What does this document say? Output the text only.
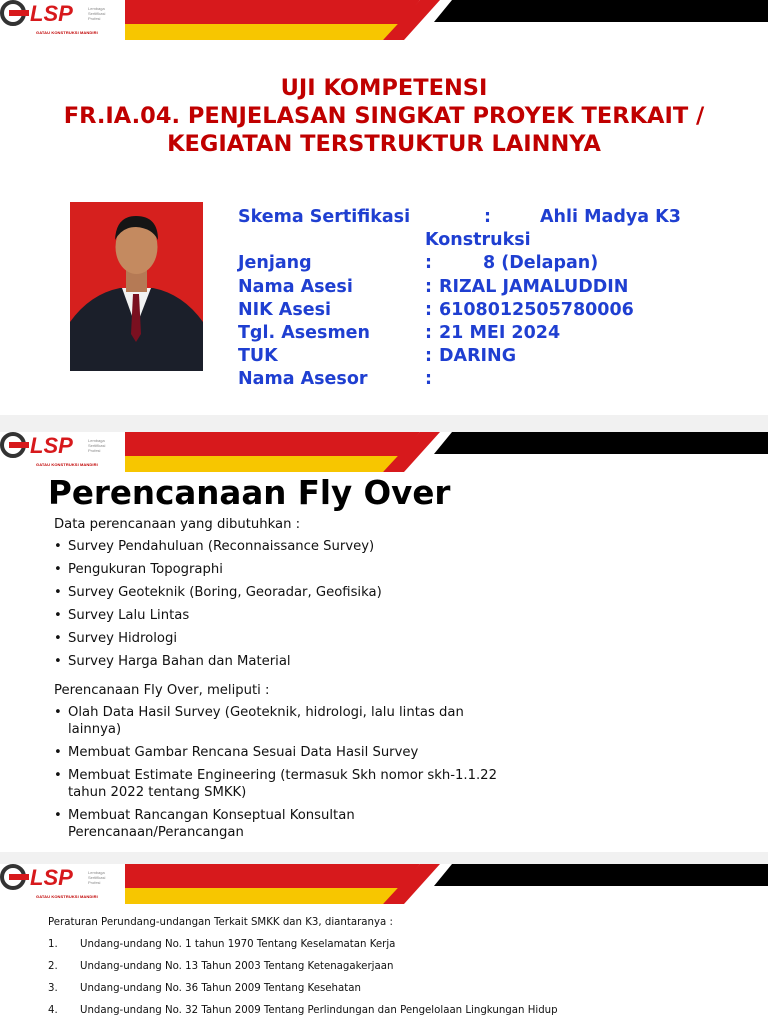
LSP	Lembaga
Sertifikasi
Profesi
GATAU KONSTRUKSI MANDIRI
UJI KOMPETENSI
FR.IA.04. PENJELASAN SINGKAT PROYEK TERKAIT /
KEGIATAN TERSTRUKTUR LAINNYA
Skema Sertifikasi	:	Ahli Madya K3
Konstruksi
Jenjang	:	8 (Delapan)
Nama Asesi	: RIZAL JAMALUDDIN
NIK Asesi	: 6108012505780006
Tgl. Asesmen	: 21 MEI 2024
TUK	: DARING
Nama Asesor	:
LSP	Lembaga
Sertifikasi
Profesi
GATAU KONSTRUKSI MANDIRI
Perencanaan Fly Over
Data perencanaan yang dibutuhkan :
• Survey Pendahuluan (Reconnaissance Survey)
• Pengukuran Topographi
• Survey Geoteknik (Boring, Georadar, Geofisika)
• Survey Lalu Lintas
• Survey Hidrologi
• Survey Harga Bahan dan Material
Perencanaan Fly Over, meliputi :
• Olah Data Hasil Survey (Geoteknik, hidrologi, lalu lintas dan lainnya)
• Membuat Gambar Rencana Sesuai Data Hasil Survey
• Membuat Estimate Engineering (termasuk Skh nomor skh-1.1.22 tahun 2022 tentang SMKK)
• Membuat Rancangan Konseptual Konsultan Perencanaan/Perancangan
LSP	Lembaga
Sertifikasi
Profesi
GATAU KONSTRUKSI MANDIRI
Peraturan Perundang-undangan Terkait SMKK dan K3, diantaranya :
1. Undang-undang No. 1 tahun 1970 Tentang Keselamatan Kerja
2. Undang-undang No. 13 Tahun 2003 Tentang Ketenagakerjaan
3. Undang-undang No. 36 Tahun 2009 Tentang Kesehatan
4. Undang-undang No. 32 Tahun 2009 Tentang Perlindungan dan Pengelolaan Lingkungan Hidup
